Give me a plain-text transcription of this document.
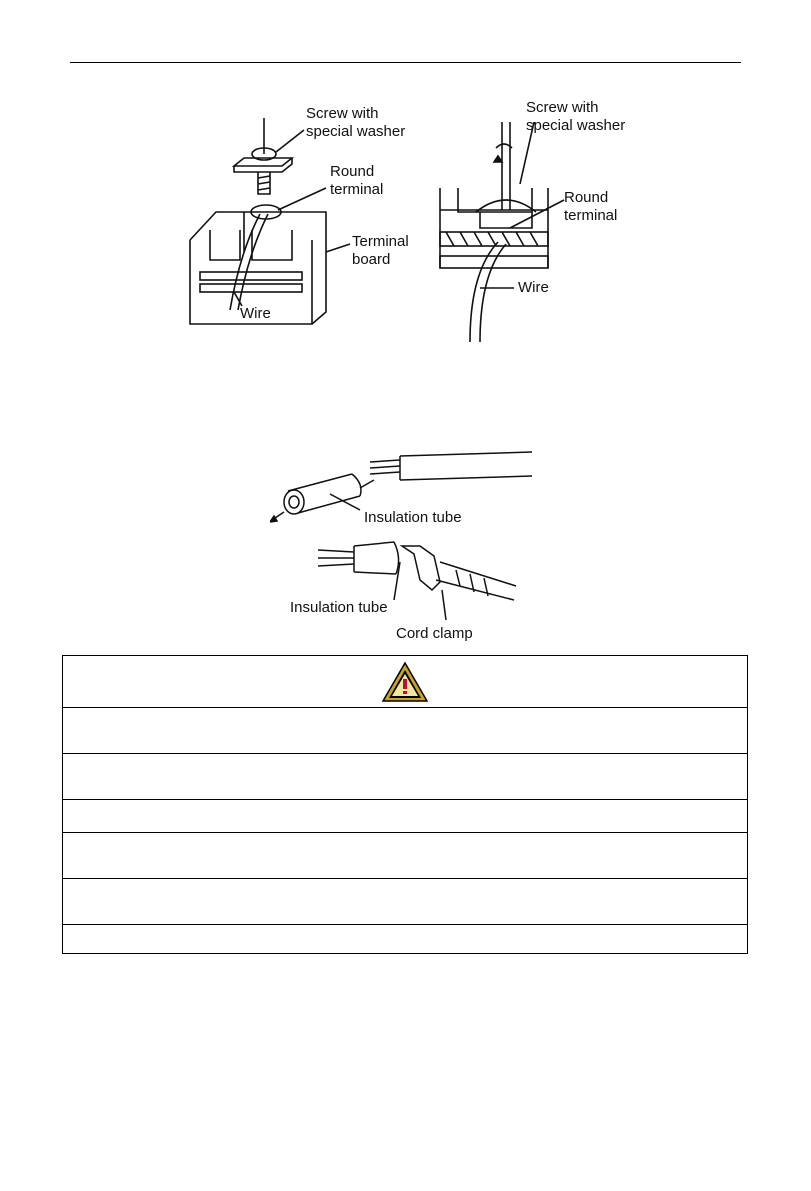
Screw with
special washer
Round
terminal
Terminal
board
Wire
Screw with
special washer
Round
terminal
Wire
Insulation tube
Insulation tube
Cord clamp
